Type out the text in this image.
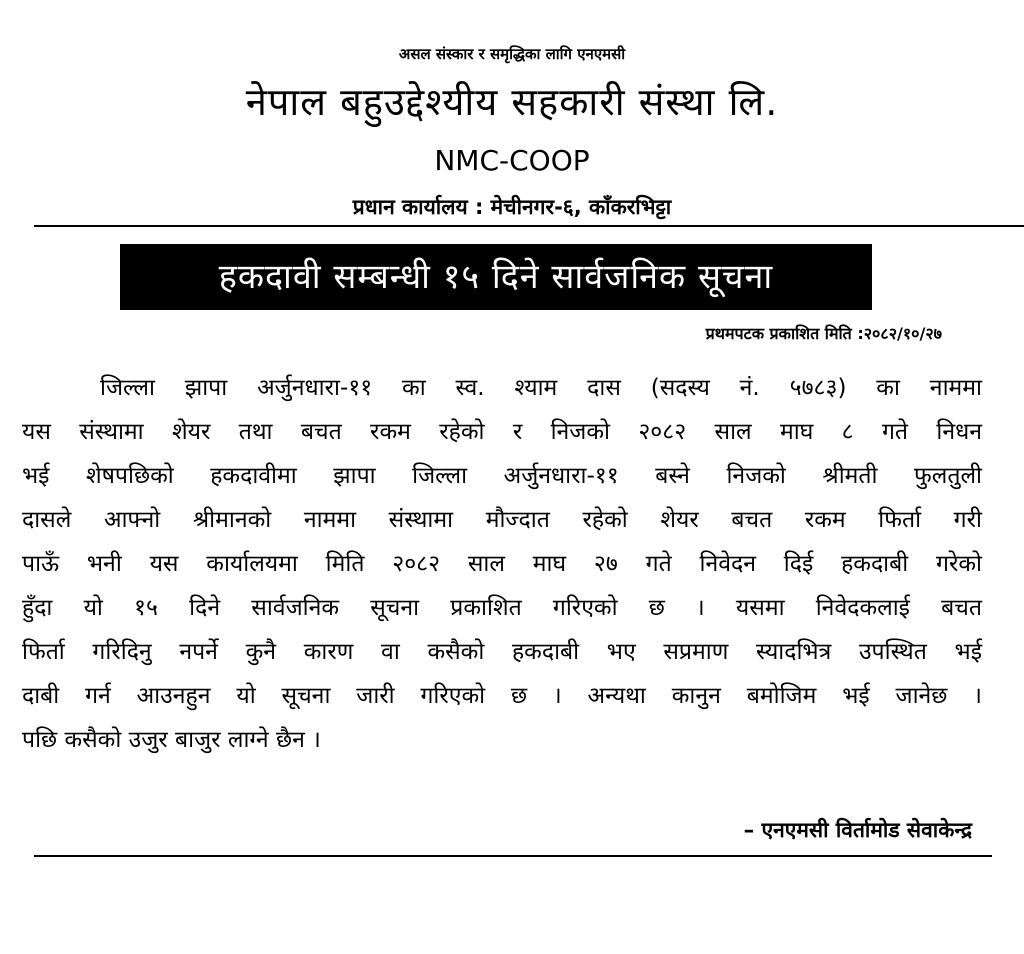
असल संस्कार र समृद्धिका लागि एनएमसी
नेपाल बहुउद्देश्यीय सहकारी संस्था लि.
NMC-COOP
प्रधान कार्यालय : मेचीनगर-६, काँकरभिट्टा
हकदावी सम्बन्धी १५ दिने सार्वजनिक सूचना
प्रथमपटक प्रकाशित मिति :२०८२/१०/२७
जिल्ला झापा अर्जुनधारा-११ का स्व. श्याम दास (सदस्य नं. ५७८३) का नाममा
यस संस्थामा शेयर तथा बचत रकम रहेको र निजको २०८२ साल माघ ८ गते निधन
भई शेषपछिको हकदावीमा झापा जिल्ला अर्जुनधारा-११ बस्ने निजको श्रीमती फुलतुली
दासले आफ्नो श्रीमानको नाममा संस्थामा मौज्दात रहेको शेयर बचत रकम फिर्ता गरी
पाऊँ भनी यस कार्यालयमा मिति २०८२ साल माघ २७ गते निवेदन दिई हकदाबी गरेको
हुँदा यो १५ दिने सार्वजनिक सूचना प्रकाशित गरिएको छ । यसमा निवेदकलाई बचत
फिर्ता गरिदिनु नपर्ने कुनै कारण वा कसैको हकदाबी भए सप्रमाण स्यादभित्र उपस्थित भई
दाबी गर्न आउनहुन यो सूचना जारी गरिएको छ । अन्यथा कानुन बमोजिम भई जानेछ ।
पछि कसैको उजुर बाजुर लाग्ने छैन ।
– एनएमसी विर्तामोड सेवाकेन्द्र
